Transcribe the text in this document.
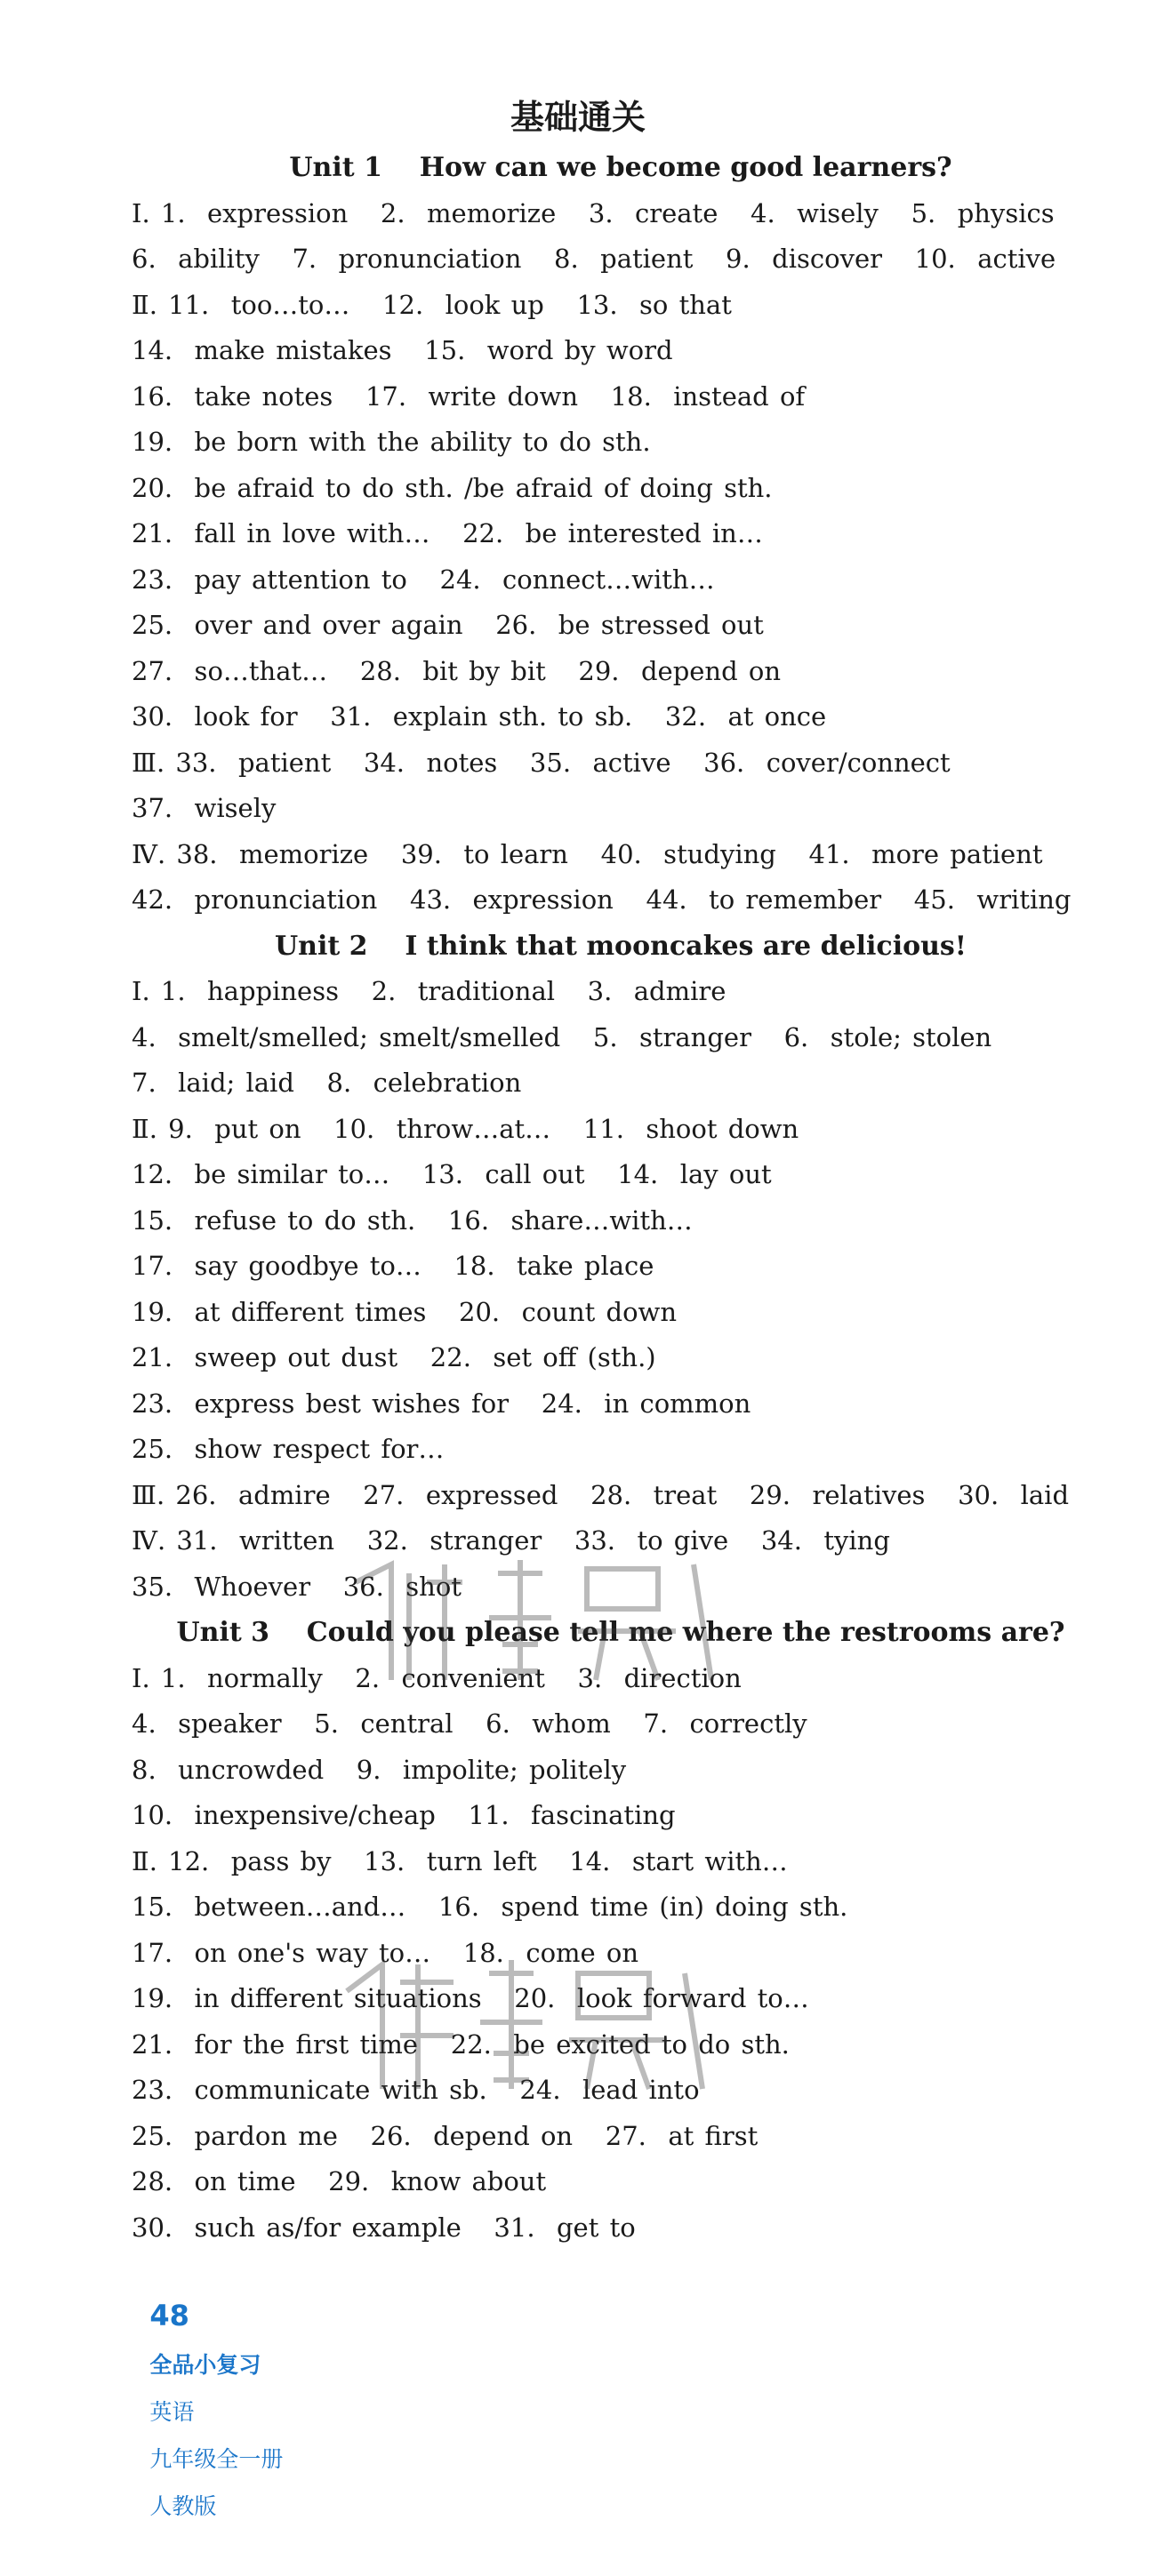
基础通关
Unit 1    How can we become good learners?
Ⅰ. 1.  expression   2.  memorize   3.  create   4.  wisely   5.  physics
6.  ability   7.  pronunciation   8.  patient   9.  discover   10.  active
Ⅱ. 11.  too…to…   12.  look up   13.  so that
14.  make mistakes   15.  word by word
16.  take notes   17.  write down   18.  instead of
19.  be born with the ability to do sth.
20.  be afraid to do sth. /be afraid of doing sth.
21.  fall in love with…   22.  be interested in…
23.  pay attention to   24.  connect…with…
25.  over and over again   26.  be stressed out
27.  so…that…   28.  bit by bit   29.  depend on
30.  look for   31.  explain sth. to sb.   32.  at once
Ⅲ. 33.  patient   34.  notes   35.  active   36.  cover/connect
37.  wisely
Ⅳ. 38.  memorize   39.  to learn   40.  studying   41.  more patient
42.  pronunciation   43.  expression   44.  to remember   45.  writing
Unit 2    I think that mooncakes are delicious!
Ⅰ. 1.  happiness   2.  traditional   3.  admire
4.  smelt/smelled; smelt/smelled   5.  stranger   6.  stole; stolen
7.  laid; laid   8.  celebration
Ⅱ. 9.  put on   10.  throw…at…   11.  shoot down
12.  be similar to…   13.  call out   14.  lay out
15.  refuse to do sth.   16.  share…with…
17.  say goodbye to…   18.  take place
19.  at different times   20.  count down
21.  sweep out dust   22.  set off (sth.)
23.  express best wishes for   24.  in common
25.  show respect for…
Ⅲ. 26.  admire   27.  expressed   28.  treat   29.  relatives   30.  laid
Ⅳ. 31.  written   32.  stranger   33.  to give   34.  tying
35.  Whoever   36.  shot
Unit 3    Could you please tell me where the restrooms are?
Ⅰ. 1.  normally   2.  convenient   3.  direction
4.  speaker   5.  central   6.  whom   7.  correctly
8.  uncrowded   9.  impolite; politely
10.  inexpensive/cheap   11.  fascinating
Ⅱ. 12.  pass by   13.  turn left   14.  start with…
15.  between…and…   16.  spend time (in) doing sth.
17.  on one's way to…   18.  come on
19.  in different situations   20.  look forward to…
21.  for the first time   22.  be excited to do sth.
23.  communicate with sb.   24.  lead into
25.  pardon me   26.  depend on   27.  at first
28.  on time   29.  know about
30.  such as/for example   31.  get to

48
全品小复习
英语
九年级全一册
人教版
